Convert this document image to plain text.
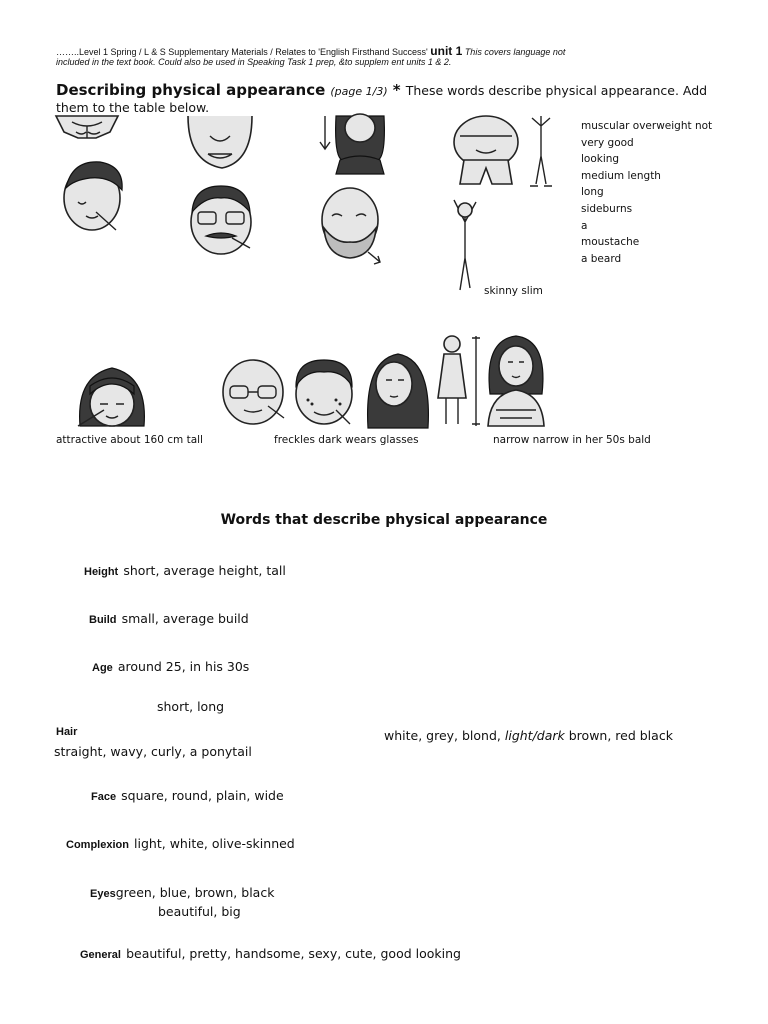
……..Level 1 Spring / L & S Supplementary Materials / Relates to 'English Firsthand Success' unit 1 This covers language not
included in the text book. Could also be used in Speaking Task 1 prep, &to supplem ent units 1 & 2.
Describing physical appearance (page 1/3) * These words describe physical appearance. Add
them to the table below.
muscular overweight not
very good
looking
medium length
long
sideburns
a
moustache
a beard
skinny slim
attractive about 160 cm tall	freckles dark wears glasses	narrow narrow in her 50s bald
Words that describe physical appearance
Height short, average height, tall
Build small, average build
Age around 25, in his 30s
short, long
Hair
straight, wavy, curly, a ponytail
white, grey, blond, light/dark brown, red black
Face square, round, plain, wide
Complexion light, white, olive-skinned
Eyesgreen, blue, brown, black
beautiful, big
General beautiful, pretty, handsome, sexy, cute, good looking
